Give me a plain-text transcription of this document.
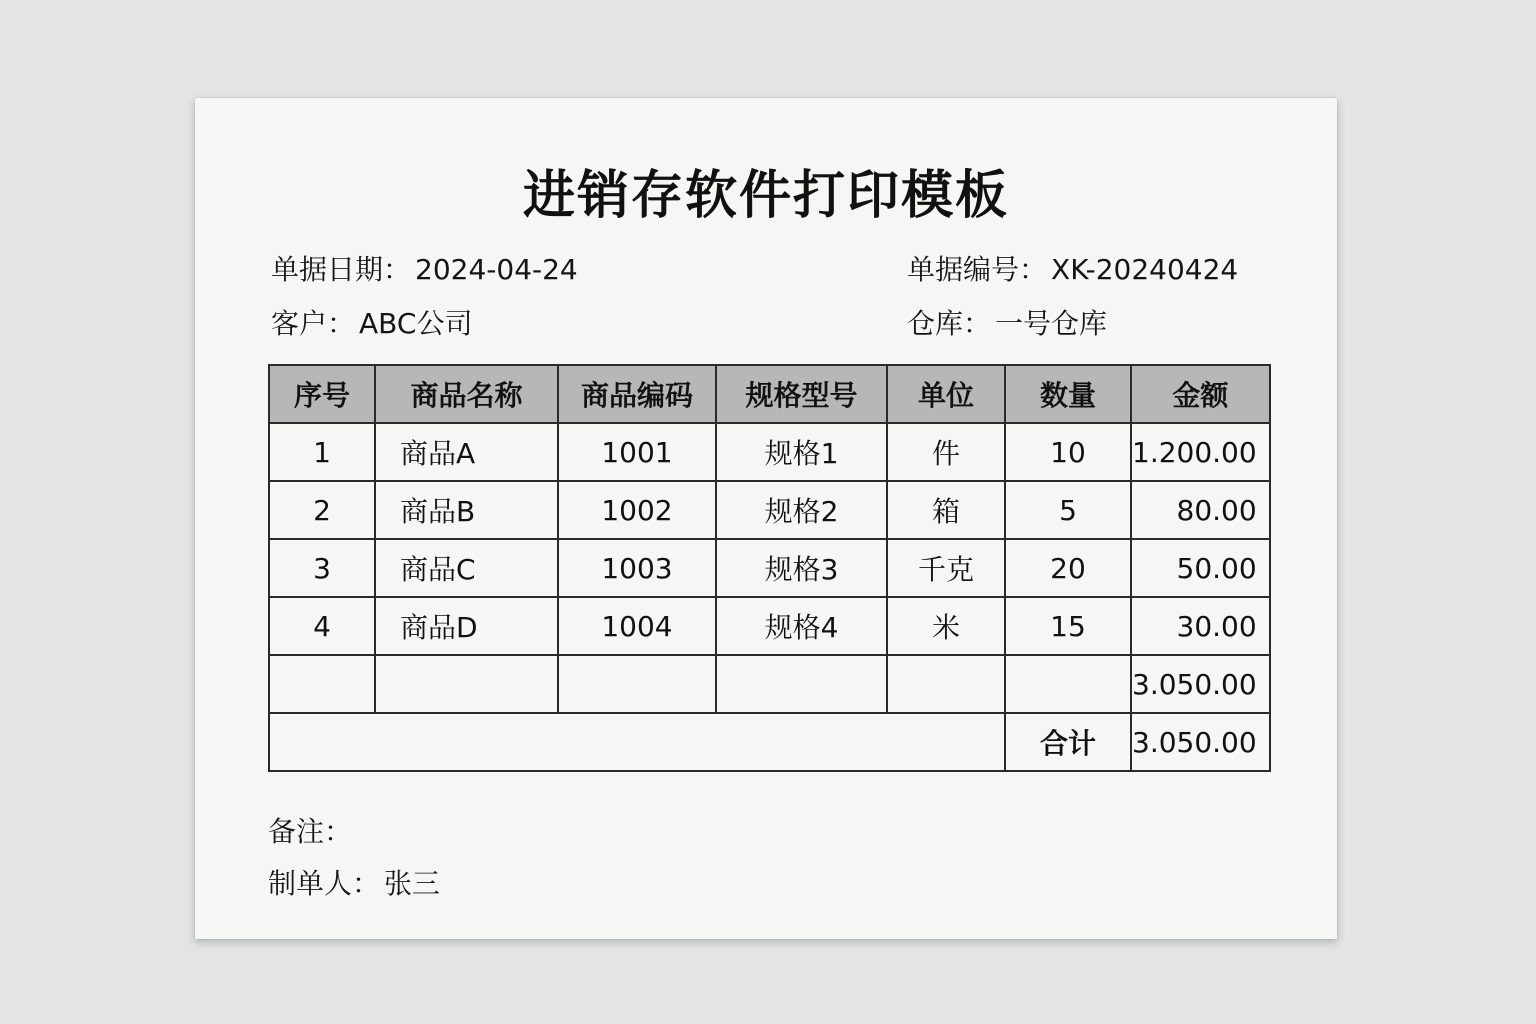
进销存软件打印模板
单据日期： 2024-04-24	单据编号： XK-20240424
客户： ABC公司	仓库： 一号仓库
序号	商品名称	商品编码	规格型号	单位	数量	金额
1	商品A	1001	规格1	件	10	1.200.00
2	商品B	1002	规格2	箱	5	80.00
3	商品C	1003	规格3	千克	20	50.00
4	商品D	1004	规格4	米	15	30.00
						3.050.00
					合计	3.050.00
备注：
制单人： 张三
